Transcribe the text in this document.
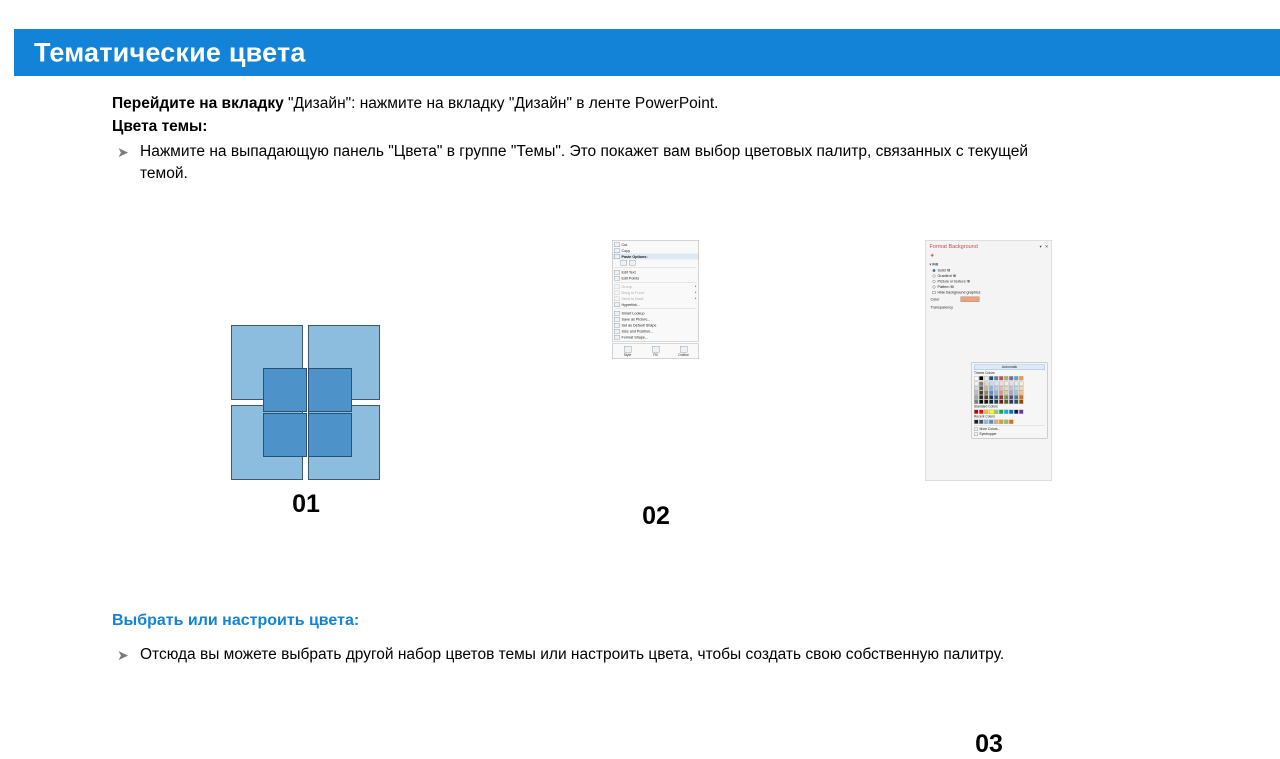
Тематические цвета
Перейдите на вкладку "Дизайн": нажмите на вкладку "Дизайн" в ленте PowerPoint.
Цвета темы:
➤ Нажмите на выпадающую панель "Цвета" в группе "Темы". Это покажет вам выбор цветовых палитр, связанных с текущей темой.
01
Cut
Copy
Paste Options:
Edit Text
Edit Points
Group	▸
Bring to Front	▸
Send to Back	▸
Hyperlink...
Smart Lookup
Save as Picture...
Set as Default Shape
Size and Position...
Format Shape...
Style	Fill	Outline
02
Format Background	▾ ✕
◈
▾ Fill
Solid fill
Gradient fill
Picture or texture fill
Pattern fill
Hide background graphics
Color
Transparency
Automatic
Theme Colors
Standard Colors
Recent Colors
More Colors...
Eyedropper
03
Выбрать или настроить цвета:
➤ Отсюда вы можете выбрать другой набор цветов темы или настроить цвета, чтобы создать свою собственную палитру.
